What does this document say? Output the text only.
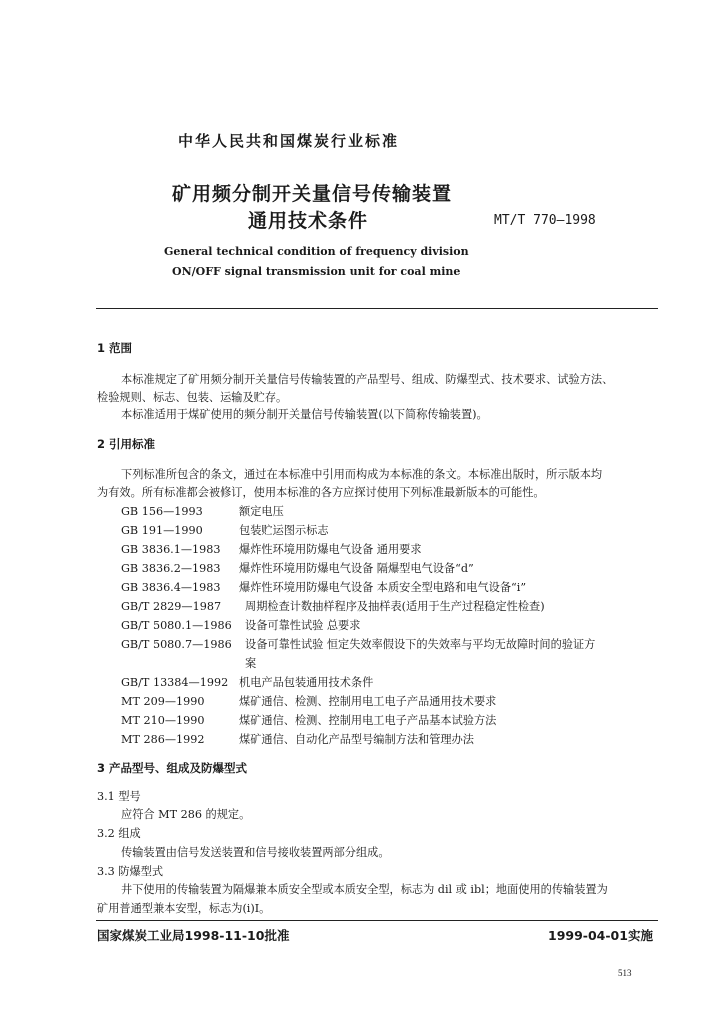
中华人民共和国煤炭行业标准
矿用频分制开关量信号传输装置
通用技术条件	MT/T 770—1998
General technical condition of frequency division
ON/OFF signal transmission unit for coal mine
1 范围
本标准规定了矿用频分制开关量信号传输装置的产品型号、组成、防爆型式、技术要求、试验方法、
检验规则、标志、包装、运输及贮存。
本标准适用于煤矿使用的频分制开关量信号传输装置(以下简称传输装置)。
2 引用标准
下列标准所包含的条文，通过在本标准中引用而构成为本标准的条文。本标准出版时，所示版本均
为有效。所有标准都会被修订，使用本标准的各方应探讨使用下列标准最新版本的可能性。
GB 156—1993	额定电压
GB 191—1990	包装贮运图示标志
GB 3836.1—1983 爆炸性环境用防爆电气设备 通用要求
GB 3836.2—1983 爆炸性环境用防爆电气设备 隔爆型电气设备“d”
GB 3836.4—1983 爆炸性环境用防爆电气设备 本质安全型电路和电气设备“i”
GB/T 2829—1987 周期检查计数抽样程序及抽样表(适用于生产过程稳定性检查)
GB/T 5080.1—1986 设备可靠性试验 总要求
GB/T 5080.7—1986 设备可靠性试验 恒定失效率假设下的失效率与平均无故障时间的验证方
案
GB/T 13384—1992 机电产品包装通用技术条件
MT 209—1990	煤矿通信、检测、控制用电工电子产品通用技术要求
MT 210—1990	煤矿通信、检测、控制用电工电子产品基本试验方法
MT 286—1992	煤矿通信、自动化产品型号编制方法和管理办法
3 产品型号、组成及防爆型式
3.1 型号
应符合 MT 286 的规定。
3.2 组成
传输装置由信号发送装置和信号接收装置两部分组成。
3.3 防爆型式
井下使用的传输装置为隔爆兼本质安全型或本质安全型，标志为 dil 或 ibl；地面使用的传输装置为
矿用普通型兼本安型，标志为(i)I。
国家煤炭工业局1998-11-10批准	1999-04-01实施
513
